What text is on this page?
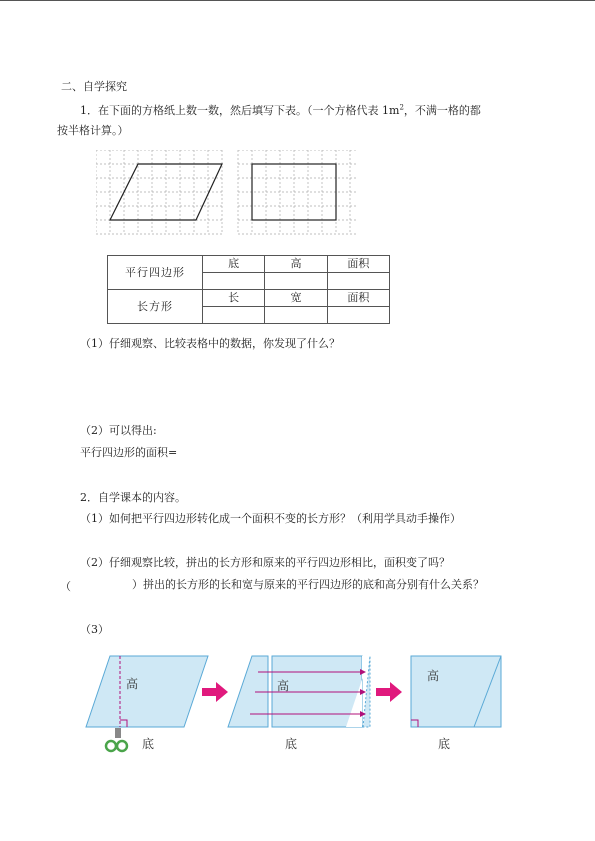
二、自学探究
1．在下面的方格纸上数一数，然后填写下表。（一个方格代表 $1m^2$，不满一格的都
按半格计算。）
平行四边形	底	高	面积

长方形	长	宽	面积

（1）仔细观察、比较表格中的数据，你发现了什么？
（2）可以得出:
平行四边形的面积=
2．自学课本的内容。
（1）如何把平行四边形转化成一个面积不变的长方形？（利用学具动手操作）
（2）仔细观察比较，拼出的长方形和原来的平行四边形相比，面积变了吗？
（	）拼出的长方形的长和宽与原来的平行四边形的底和高分别有什么关系？
（3）
高
底
高
底
高
底
